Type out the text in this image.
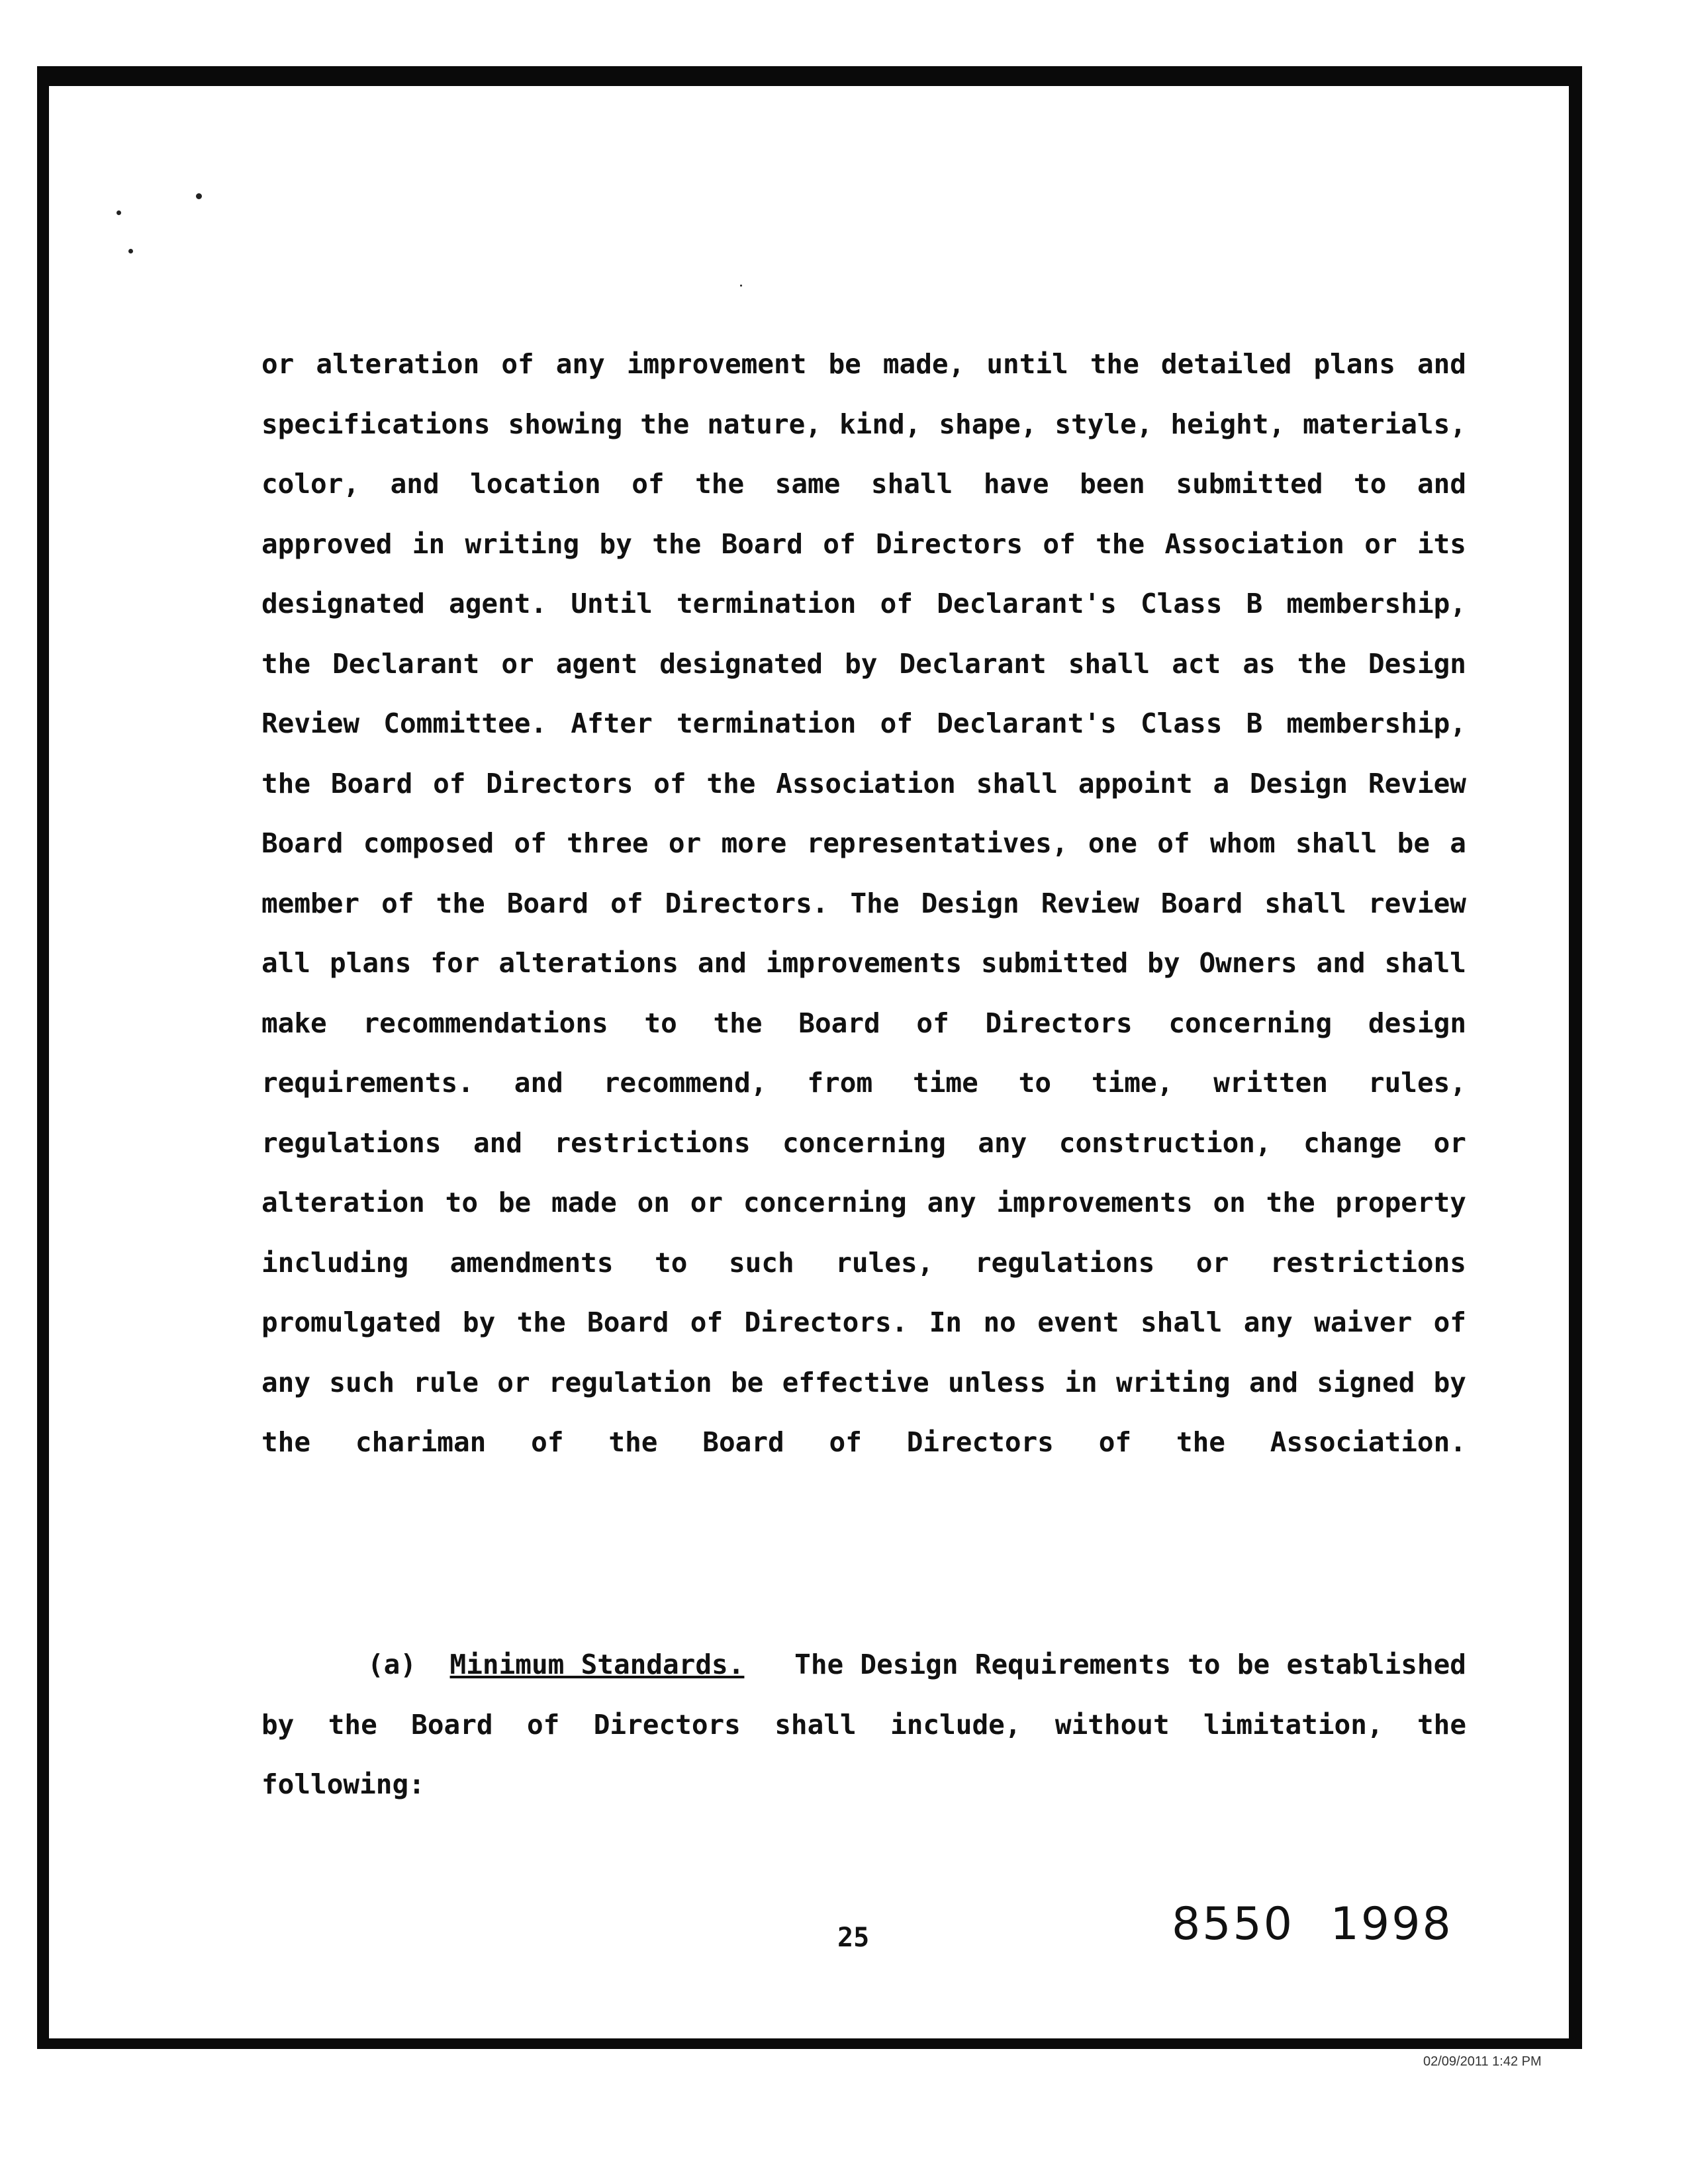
or alteration of any improvement be made, until the detailed plans and specifications showing the nature, kind, shape, style, height, materials, color, and location of the same shall have been submitted to and approved in writing by the Board of Directors of the Association or its designated agent. Until termination of Declarant's Class B membership, the Declarant or agent designated by Declarant shall act as the Design Review Committee. After termination of Declarant's Class B membership, the Board of Directors of the Association shall appoint a Design Review Board composed of three or more representatives, one of whom shall be a member of the Board of Directors. The Design Review Board shall review all plans for alterations and improvements submitted by Owners and shall make recommendations to the Board of Directors concerning design requirements. and recommend, from time to time, written rules, regulations and restrictions concerning any construction, change or alteration to be made on or concerning any improvements on the property including amendments to such rules, regulations or restrictions promulgated by the Board of Directors. In no event shall any waiver of any such rule or regulation be effective unless in writing and signed by the chariman of the Board of Directors of the Association.

(a) Minimum Standards. The Design Requirements to be established by the Board of Directors shall include, without limitation, the following:

25	8550 1998
02/09/2011 1:42 PM
